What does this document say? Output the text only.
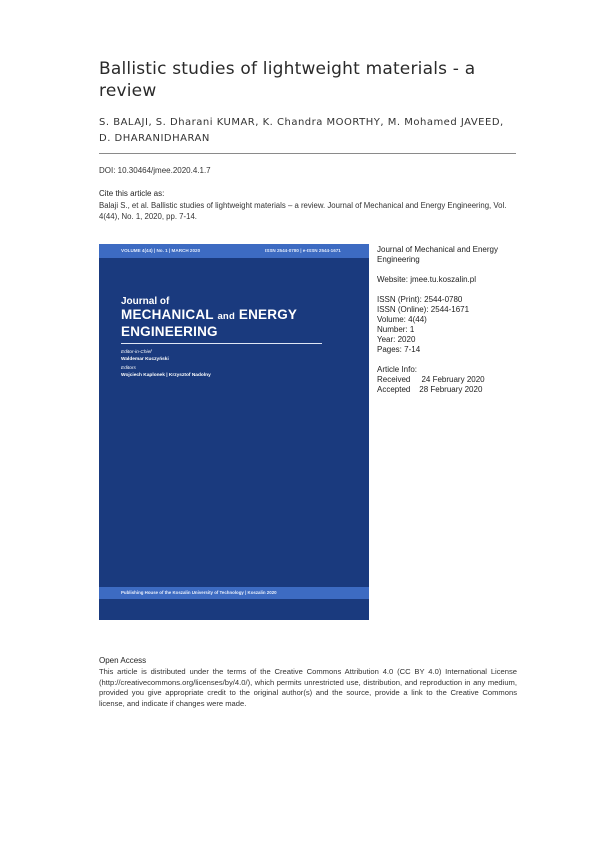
Ballistic studies of lightweight materials - a review
S. BALAJI, S. Dharani KUMAR, K. Chandra MOORTHY, M. Mohamed JAVEED, D. DHARANIDHARAN
DOI: 10.30464/jmee.2020.4.1.7
Cite this article as:
Balaji S., et al. Ballistic studies of lightweight materials – a review. Journal of Mechanical and Energy Engineering, Vol. 4(44), No. 1, 2020, pp. 7-14.
VOLUME 4(44) | No. 1 | MARCH 2020	ISSN 2544-0780 | e-ISSN 2544-1671
Journal of
MECHANICAL and ENERGY
ENGINEERING
Editor-in-Chief
Waldemar Kuczyński
Editors
Wojciech Kaplonek | Krzysztof Nadolny
Publishing House of the Koszalin University of Technology | Koszalin 2020
Journal of Mechanical and Energy Engineering
Website: jmee.tu.koszalin.pl
ISSN (Print): 2544-0780
ISSN (Online): 2544-1671
Volume: 4(44)
Number: 1
Year: 2020
Pages: 7-14
Article Info:
Received     24 February 2020
Accepted    28 February 2020
Open Access
This article is distributed under the terms of the Creative Commons Attribution 4.0 (CC BY 4.0) International License (http://creativecommons.org/licenses/by/4.0/), which permits unrestricted use, distribution, and reproduction in any medium, provided you give appropriate credit to the original author(s) and the source, provide a link to the Creative Commons license, and indicate if changes were made.
